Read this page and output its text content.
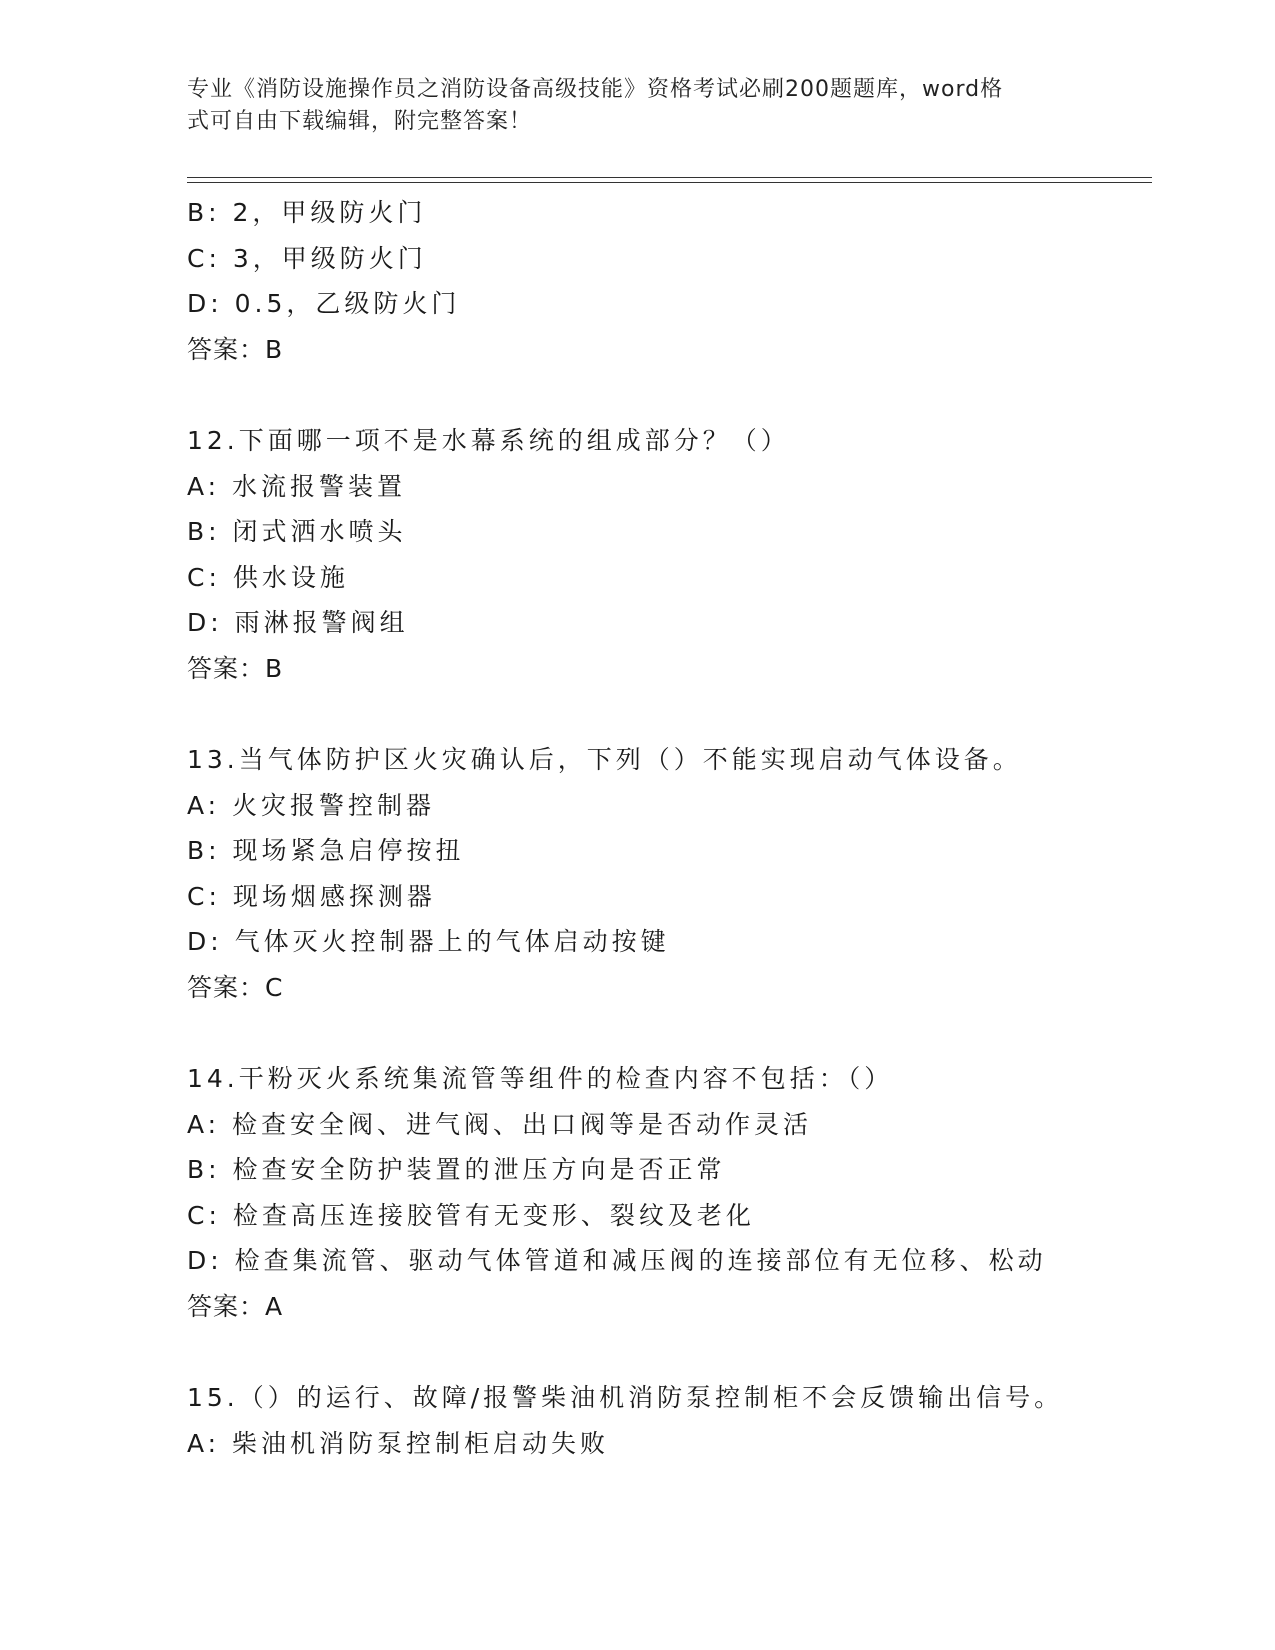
专业《消防设施操作员之消防设备高级技能》资格考试必刷200题题库，word格
式可自由下载编辑，附完整答案！
B: 2，甲级防火门
C: 3，甲级防火门
D: 0.5，乙级防火门
答案：B
12.下面哪一项不是水幕系统的组成部分？（）
A: 水流报警装置
B: 闭式洒水喷头
C: 供水设施
D: 雨淋报警阀组
答案：B
13.当气体防护区火灾确认后，下列（）不能实现启动气体设备。
A: 火灾报警控制器
B: 现场紧急启停按扭
C: 现场烟感探测器
D: 气体灭火控制器上的气体启动按键
答案：C
14.干粉灭火系统集流管等组件的检查内容不包括：（）
A: 检查安全阀、进气阀、出口阀等是否动作灵活
B: 检查安全防护装置的泄压方向是否正常
C: 检查高压连接胶管有无变形、裂纹及老化
D: 检查集流管、驱动气体管道和减压阀的连接部位有无位移、松动
答案：A
15.（）的运行、故障/报警柴油机消防泵控制柜不会反馈输出信号。
A: 柴油机消防泵控制柜启动失败
